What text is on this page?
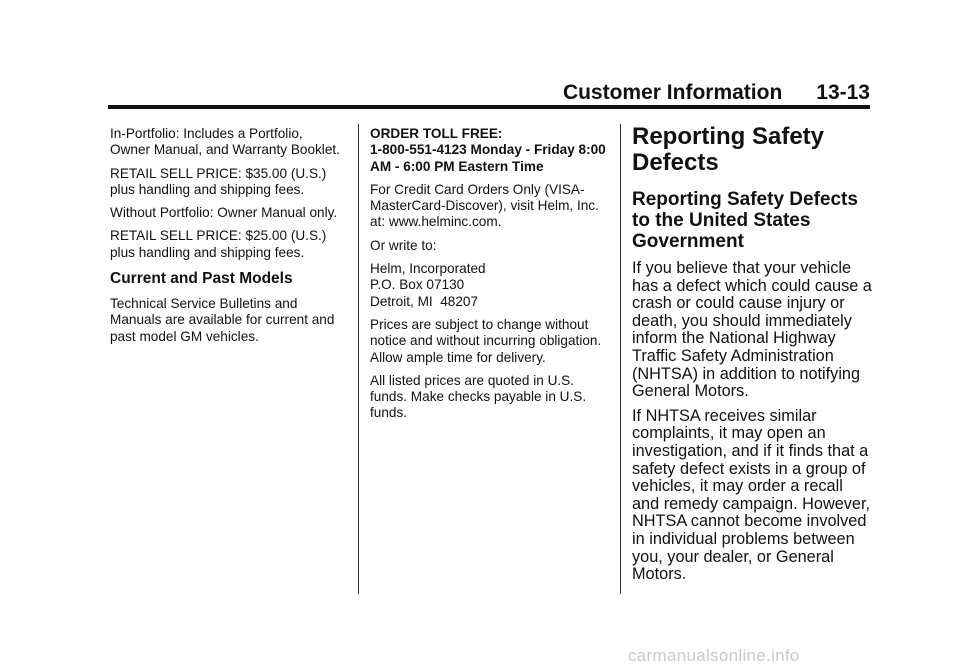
Customer Information 13-13

In-Portfolio: Includes a Portfolio, Owner Manual, and Warranty Booklet.

RETAIL SELL PRICE: $35.00 (U.S.) plus handling and shipping fees.

Without Portfolio: Owner Manual only.

RETAIL SELL PRICE: $25.00 (U.S.) plus handling and shipping fees.

Current and Past Models

Technical Service Bulletins and Manuals are available for current and past model GM vehicles.

ORDER TOLL FREE:
1-800-551-4123 Monday - Friday 8:00 AM - 6:00 PM Eastern Time

For Credit Card Orders Only (VISA-MasterCard-Discover), visit Helm, Inc. at: www.helminc.com.

Or write to:

Helm, Incorporated
P.O. Box 07130
Detroit, MI  48207

Prices are subject to change without notice and without incurring obligation. Allow ample time for delivery.

All listed prices are quoted in U.S. funds. Make checks payable in U.S. funds.

Reporting Safety Defects
Reporting Safety Defects to the United States Government

If you believe that your vehicle has a defect which could cause a crash or could cause injury or death, you should immediately inform the National Highway Traffic Safety Administration (NHTSA) in addition to notifying General Motors.

If NHTSA receives similar complaints, it may open an investigation, and if it finds that a safety defect exists in a group of vehicles, it may order a recall and remedy campaign. However, NHTSA cannot become involved in individual problems between you, your dealer, or General Motors.

carmanualsonline.info
